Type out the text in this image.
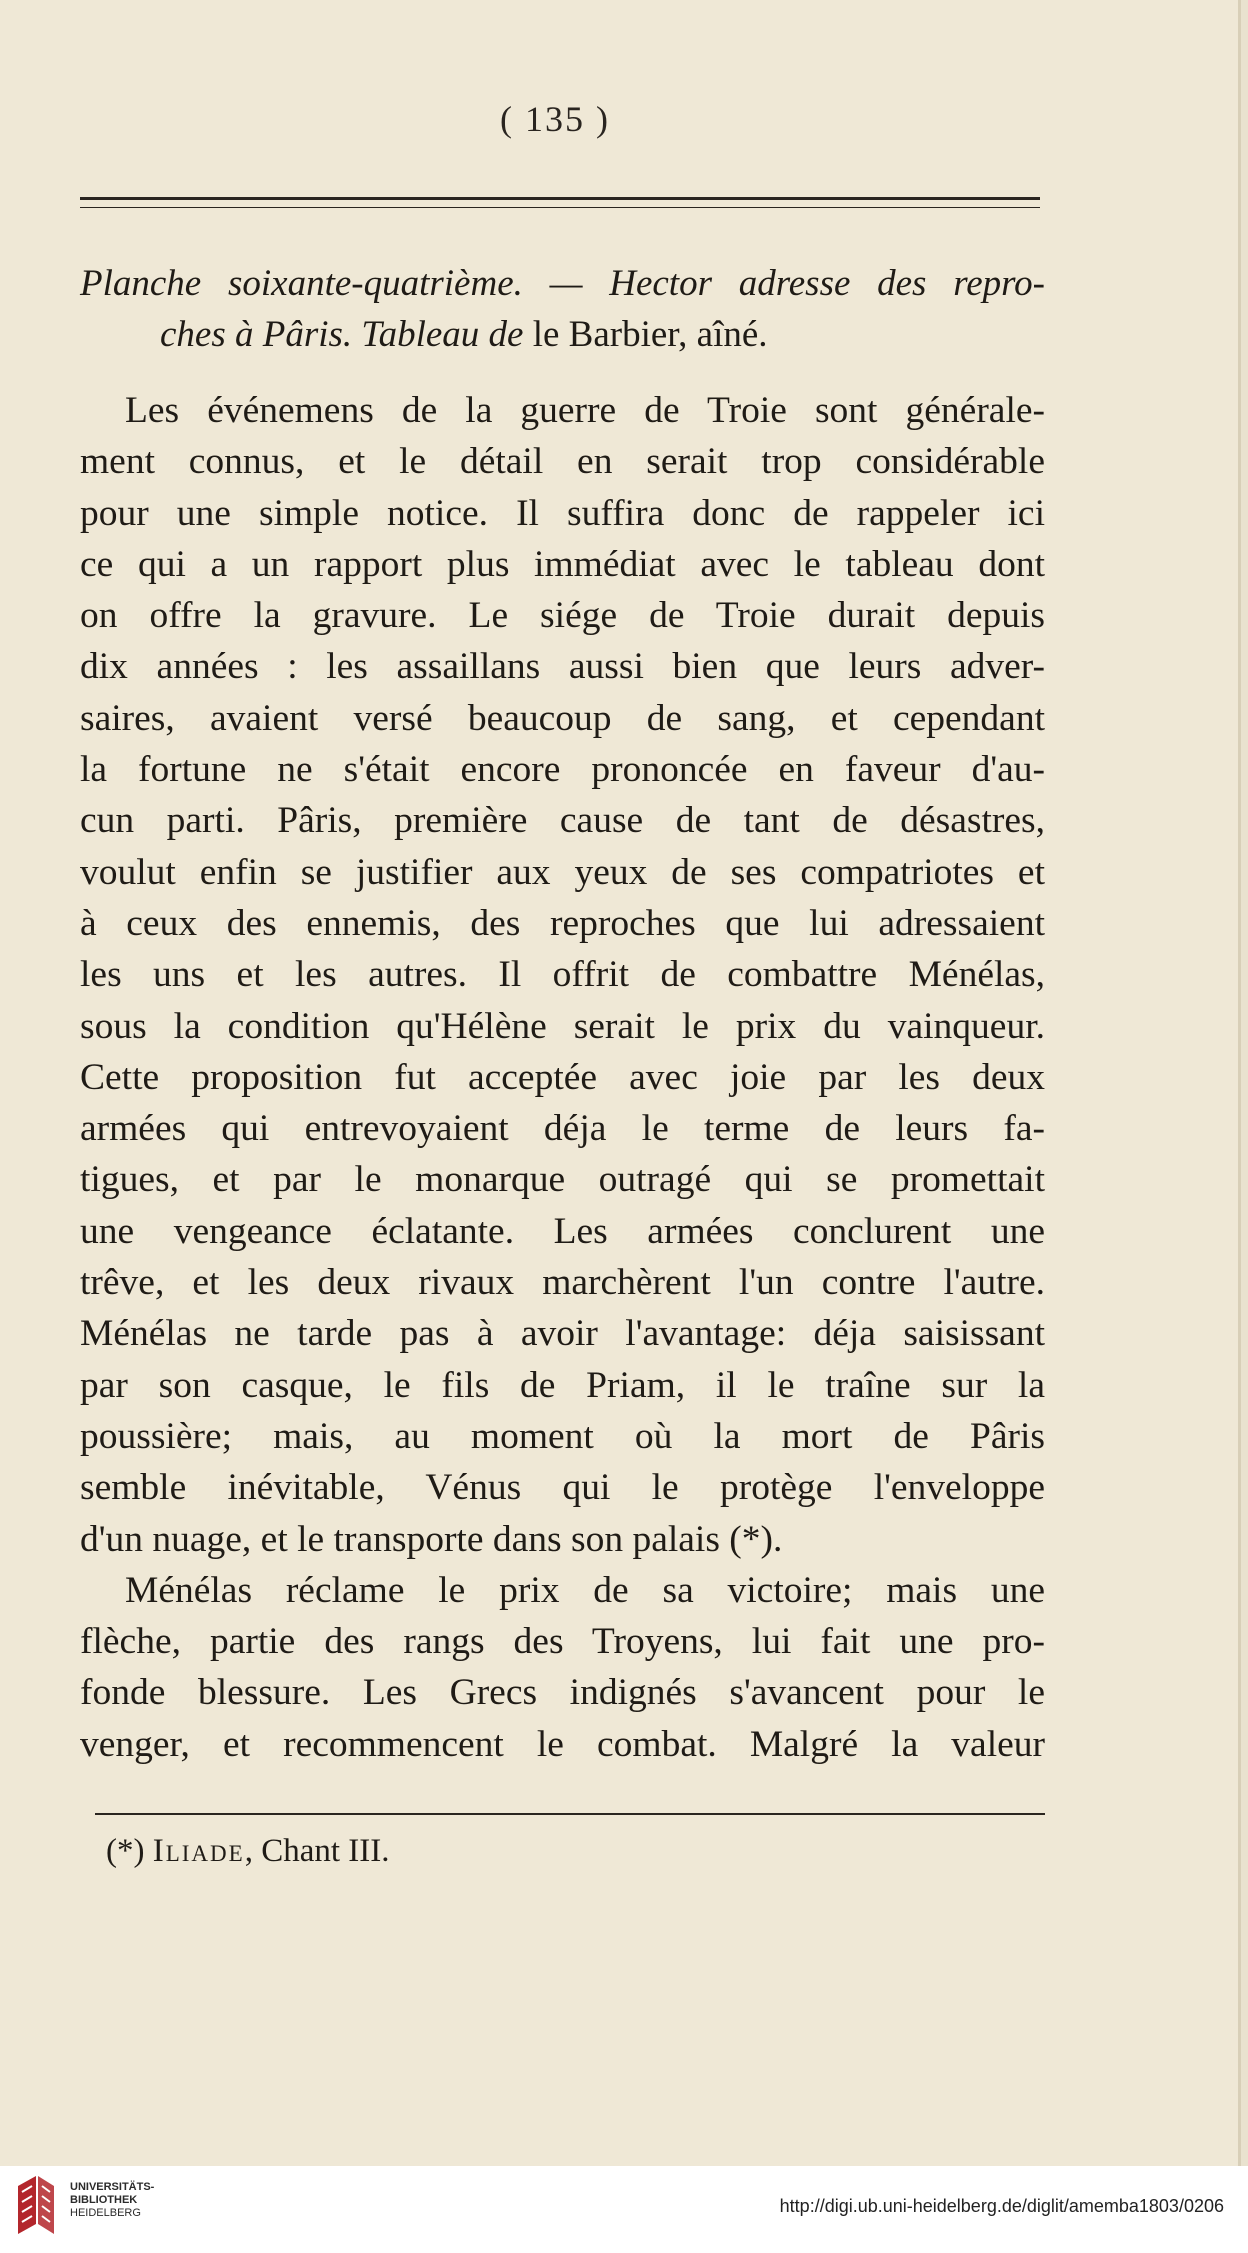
( 135 )
Planche soixante-quatrième. — Hector adresse des repro-
ches à Pâris. Tableau de le Barbier, aîné.
Les événemens de la guerre de Troie sont générale-
ment connus, et le détail en serait trop considérable
pour une simple notice. Il suffira donc de rappeler ici
ce qui a un rapport plus immédiat avec le tableau dont
on offre la gravure. Le siége de Troie durait depuis
dix années : les assaillans aussi bien que leurs adver-
saires, avaient versé beaucoup de sang, et cependant
la fortune ne s'était encore prononcée en faveur d'au-
cun parti. Pâris, première cause de tant de désastres,
voulut enfin se justifier aux yeux de ses compatriotes et
à ceux des ennemis, des reproches que lui adressaient
les uns et les autres. Il offrit de combattre Ménélas,
sous la condition qu'Hélène serait le prix du vainqueur.
Cette proposition fut acceptée avec joie par les deux
armées qui entrevoyaient déja le terme de leurs fa-
tigues, et par le monarque outragé qui se promettait
une vengeance éclatante. Les armées conclurent une
trêve, et les deux rivaux marchèrent l'un contre l'autre.
Ménélas ne tarde pas à avoir l'avantage: déja saisissant
par son casque, le fils de Priam, il le traîne sur la
poussière; mais, au moment où la mort de Pâris
semble inévitable, Vénus qui le protège l'enveloppe
d'un nuage, et le transporte dans son palais (*).
Ménélas réclame le prix de sa victoire; mais une
flèche, partie des rangs des Troyens, lui fait une pro-
fonde blessure. Les Grecs indignés s'avancent pour le
venger, et recommencent le combat. Malgré la valeur
(*) Iliade, Chant III.
UNIVERSITÄTS-
BIBLIOTHEK
HEIDELBERG	http://digi.ub.uni-heidelberg.de/diglit/amemba1803/0206
